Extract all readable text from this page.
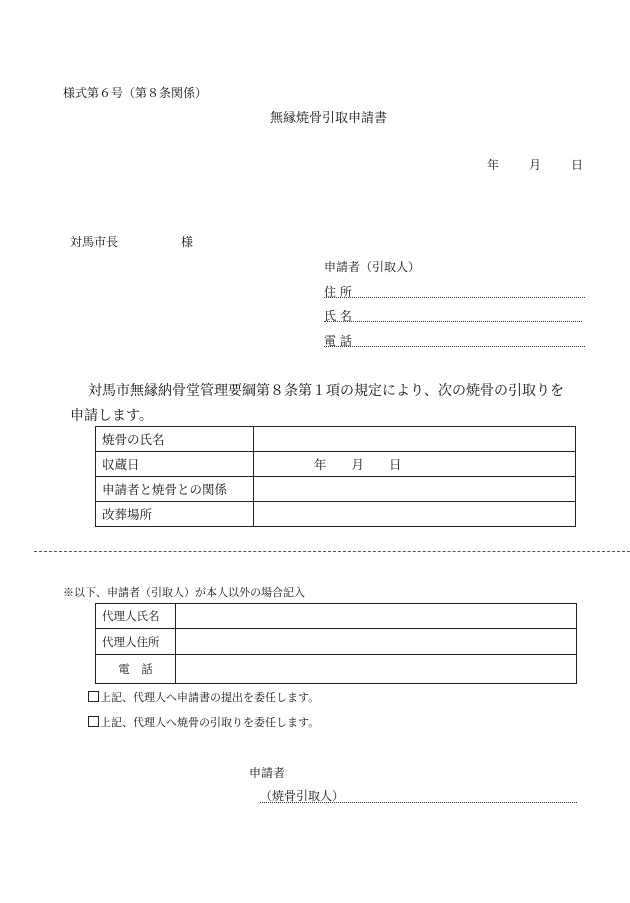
様式第６号（第８条関係）
無縁焼骨引取申請書
年 月 日
対馬市長	様
申請者（引取人）
住 所
氏 名
電 話
対馬市無縁納骨堂管理要綱第８条第１項の規定により、次の焼骨の引取りを
申請します。
焼骨の氏名	
収蔵日	年　　月　　日
申請者と焼骨との関係	
改葬場所	
※以下、申請者（引取人）が本人以外の場合記入
代理人氏名	
代理人住所	
電　話	
上記、代理人へ申請書の提出を委任します。
上記、代理人へ焼骨の引取りを委任します。
申請者
（焼骨引取人）
